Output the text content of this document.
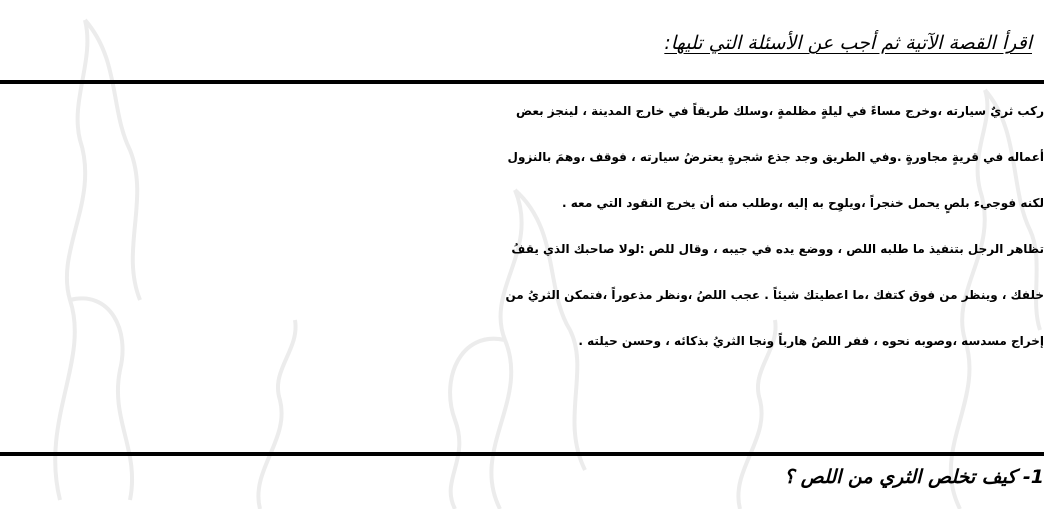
اقرأ القصة الآتية ثم أجب عن الأسئلة التي تليها:
ركب ثريٌ سيارته ،وخرج مساءً في ليلةٍ مظلمةٍ ،وسلك طريقاً في خارج المدينة ، لينجز بعض
أعماله في قريةٍ مجاورةٍ .وفي الطريق وجد جذع شجرةٍ يعترضُ سيارته ، فوقف ،وهمَ بالنزول
لكنه فوجيء بلصٍ يحمل خنجراً ،ويلوِح به إليه ،وطلب منه أن يخرج النقود التي معه .
تظاهر الرجل بتنفيذ ما طلبه اللص ، ووضع يده في جيبه ، وقال للص :لولا صاحبك الذي يقفُ
خلفك ، وينظر من فوق كتفك ،ما اعطيتك شيئاً . عجب اللصُ ،ونظر مذعوراً ،فتمكن الثريُ من
إخراج مسدسه ،وصوبه نحوه ، ففر اللصُ هارباً ونجا الثريُ بذكائه ، وحسن حيلته .
1- كيف تخلص الثري من اللص ؟
